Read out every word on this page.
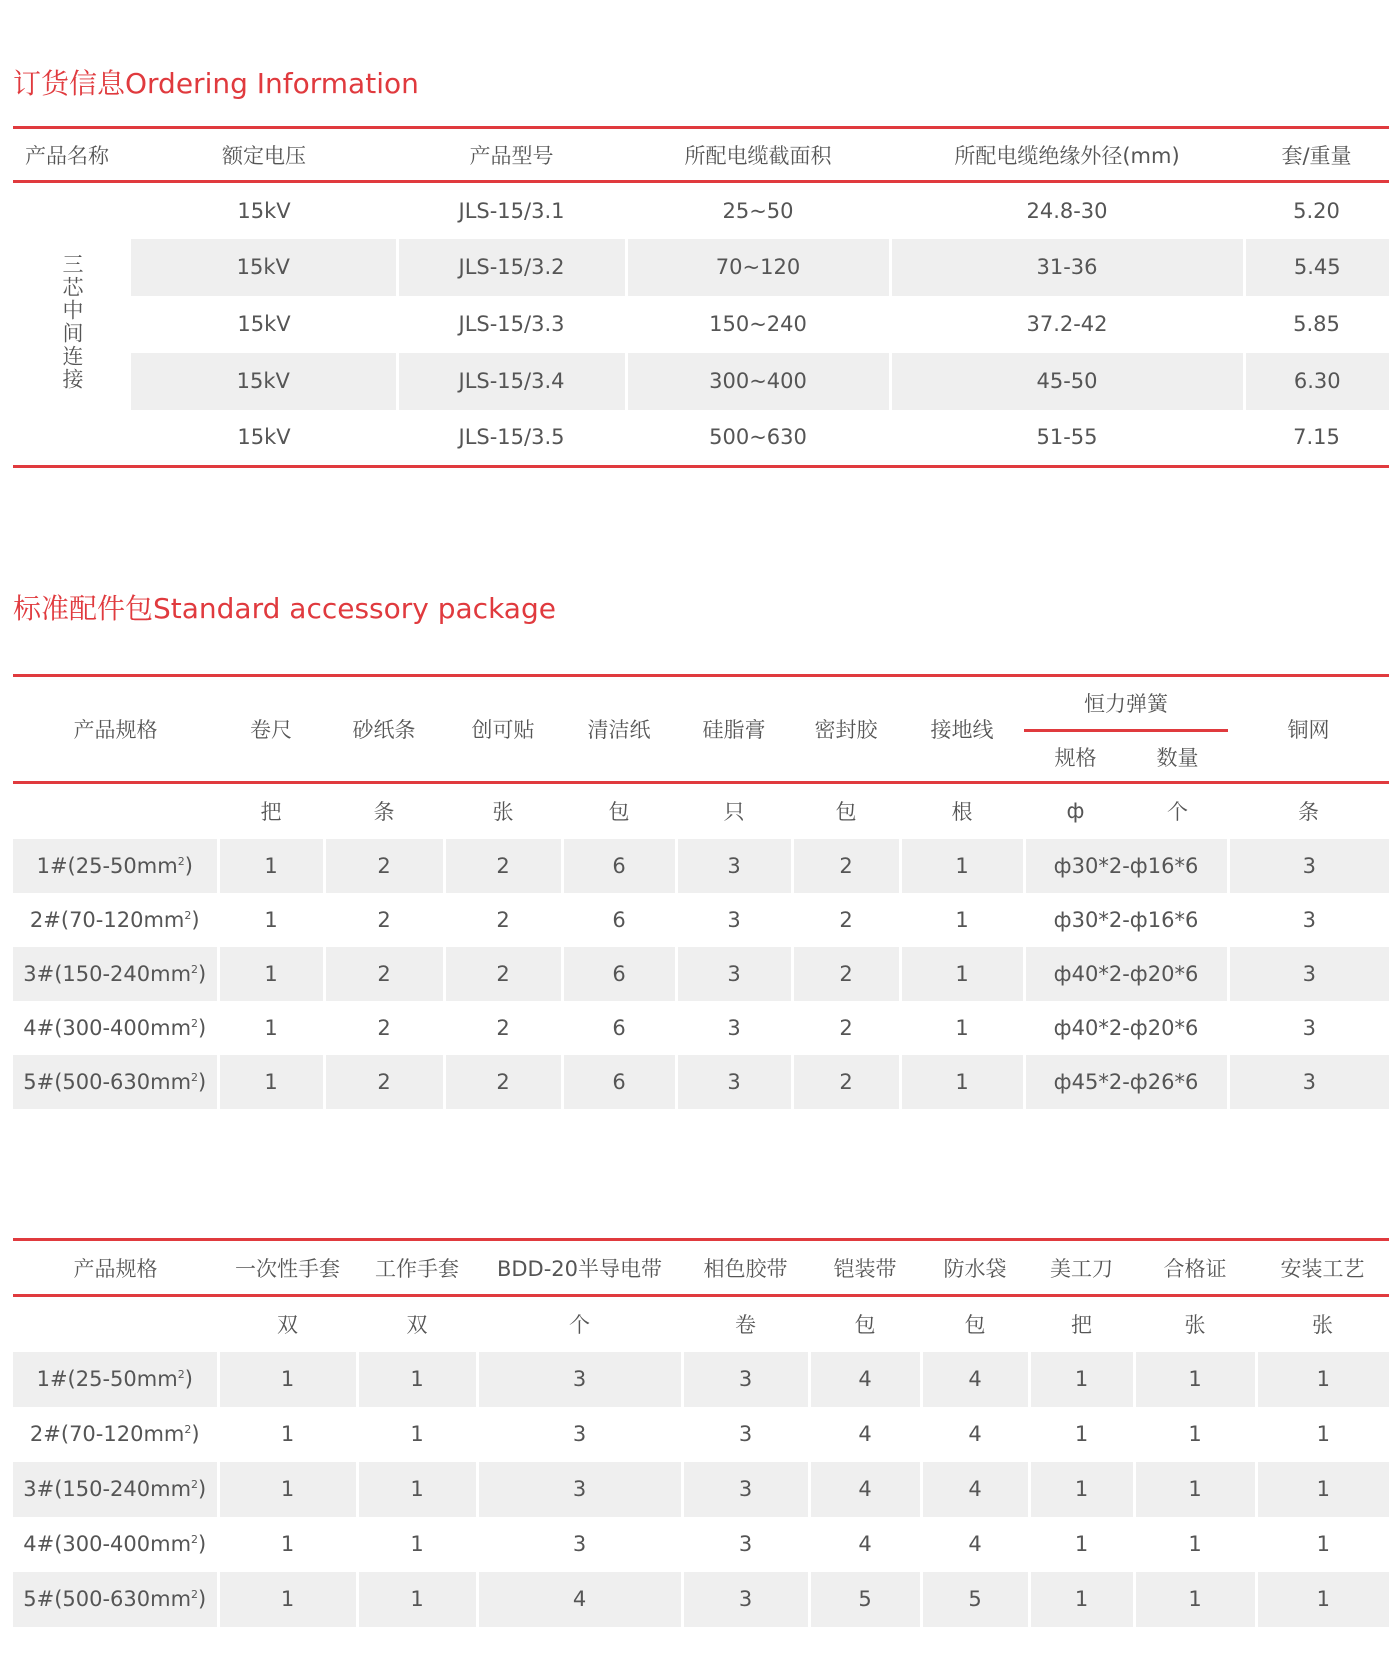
订货信息Ordering Information
产品名称	额定电压	产品型号	所配电缆截面积	所配电缆绝缘外径(mm)	套/重量
三芯中间连接	15kV	JLS-15/3.1	25~50	24.8-30	5.20
	15kV	JLS-15/3.2	70~120	31-36	5.45
	15kV	JLS-15/3.3	150~240	37.2-42	5.85
	15kV	JLS-15/3.4	300~400	45-50	6.30
	15kV	JLS-15/3.5	500~630	51-55	7.15
标准配件包Standard accessory package
产品规格	卷尺	砂纸条	创可贴	清洁纸	硅脂膏	密封胶	接地线	恒力弹簧		铜网
								规格	数量	
	把	条	张	包	只	包	根	ф	个	条
$1\#(25-50mm^2)$	1	2	2	6	3	2	1	ф30*2-ф16*6		3
$2\#(70-120mm^2)$	1	2	2	6	3	2	1	ф30*2-ф16*6		3
$3\#(150-240mm^2)$	1	2	2	6	3	2	1	ф40*2-ф20*6		3
$4\#(300-400mm^2)$	1	2	2	6	3	2	1	ф40*2-ф20*6		3
$5\#(500-630mm^2)$	1	2	2	6	3	2	1	ф45*2-ф26*6		3
产品规格	一次性手套	工作手套	BDD-20半导电带	相色胶带	铠装带	防水袋	美工刀	合格证	安装工艺
	双	双	个	卷	包	包	把	张	张
$1\#(25-50mm^2)$	1	1	3	3	4	4	1	1	1
$2\#(70-120mm^2)$	1	1	3	3	4	4	1	1	1
$3\#(150-240mm^2)$	1	1	3	3	4	4	1	1	1
$4\#(300-400mm^2)$	1	1	3	3	4	4	1	1	1
$5\#(500-630mm^2)$	1	1	4	3	5	5	1	1	1
